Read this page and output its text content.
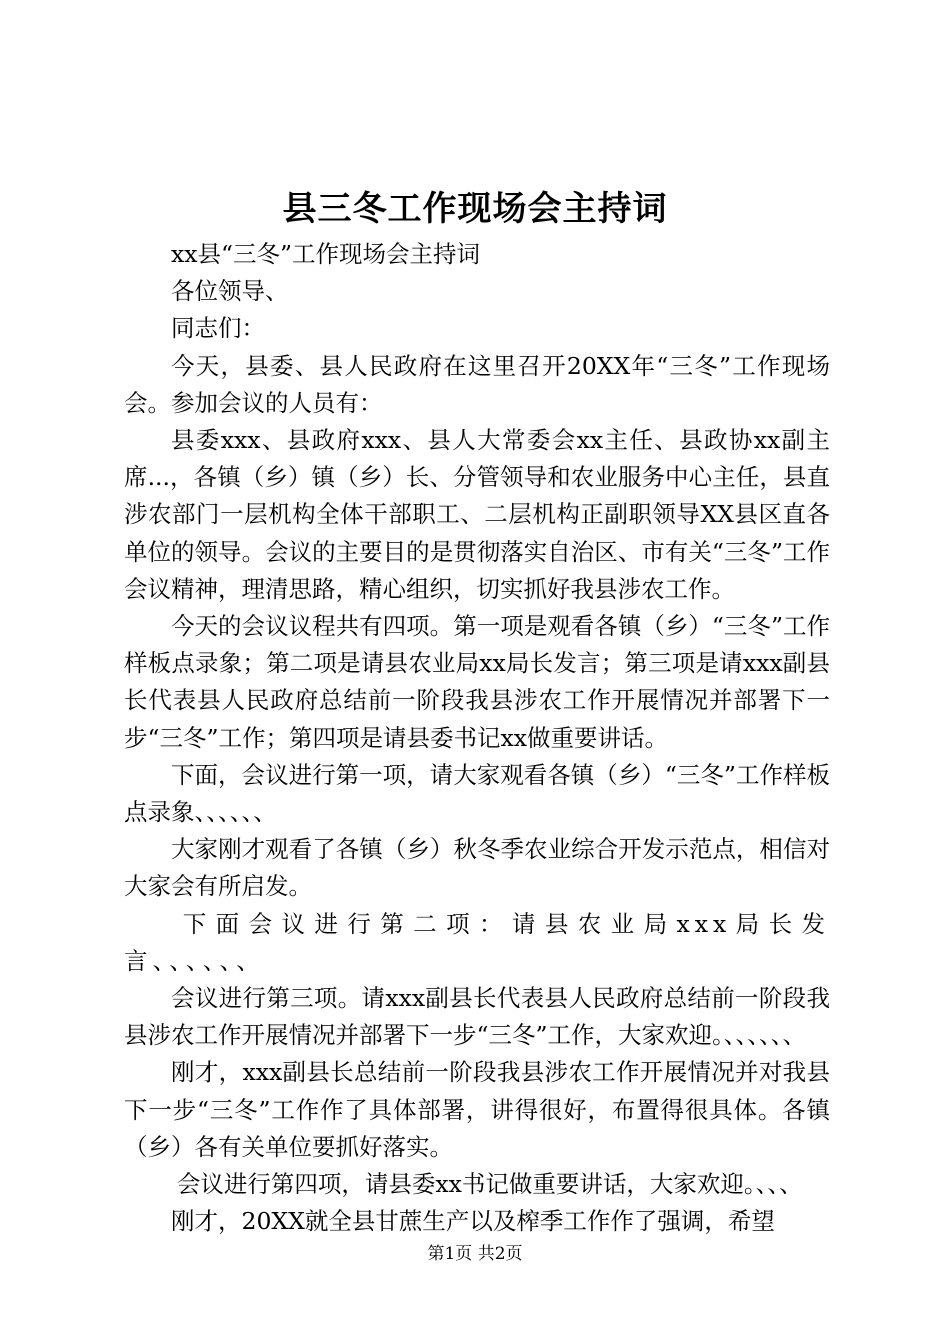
县三冬工作现场会主持词

xx县“三冬”工作现场会主持词

各位领导、

同志们：

今天，县委、县人民政府在这里召开20XX年“三冬”工作现场会。参加会议的人员有：

县委xxx、县政府xxx、县人大常委会xx主任、县政协xx副主席...，各镇（乡）镇（乡）长、分管领导和农业服务中心主任，县直涉农部门一层机构全体干部职工、二层机构正副职领导XX县区直各单位的领导。会议的主要目的是贯彻落实自治区、市有关“三冬”工作会议精神，理清思路，精心组织，切实抓好我县涉农工作。

今天的会议议程共有四项。第一项是观看各镇（乡）“三冬”工作样板点录象；第二项是请县农业局xx局长发言；第三项是请xxx副县长代表县人民政府总结前一阶段我县涉农工作开展情况并部署下一步“三冬”工作；第四项是请县委书记xx做重要讲话。

下面，会议进行第一项，请大家观看各镇（乡）“三冬”工作样板点录象、、、、、、

大家刚才观看了各镇（乡）秋冬季农业综合开发示范点，相信对大家会有所启发。

下面会议进行第二项：请县农业局xxx局长发言、、、、、、

会议进行第三项。请xxx副县长代表县人民政府总结前一阶段我县涉农工作开展情况并部署下一步“三冬”工作，大家欢迎。、、、、、、

刚才，xxx副县长总结前一阶段我县涉农工作开展情况并对我县下一步“三冬”工作作了具体部署，讲得很好，布置得很具体。各镇（乡）各有关单位要抓好落实。

会议进行第四项，请县委xx书记做重要讲话，大家欢迎。、、、

刚才，20XX就全县甘蔗生产以及榨季工作作了强调，希望

第1页 共2页
